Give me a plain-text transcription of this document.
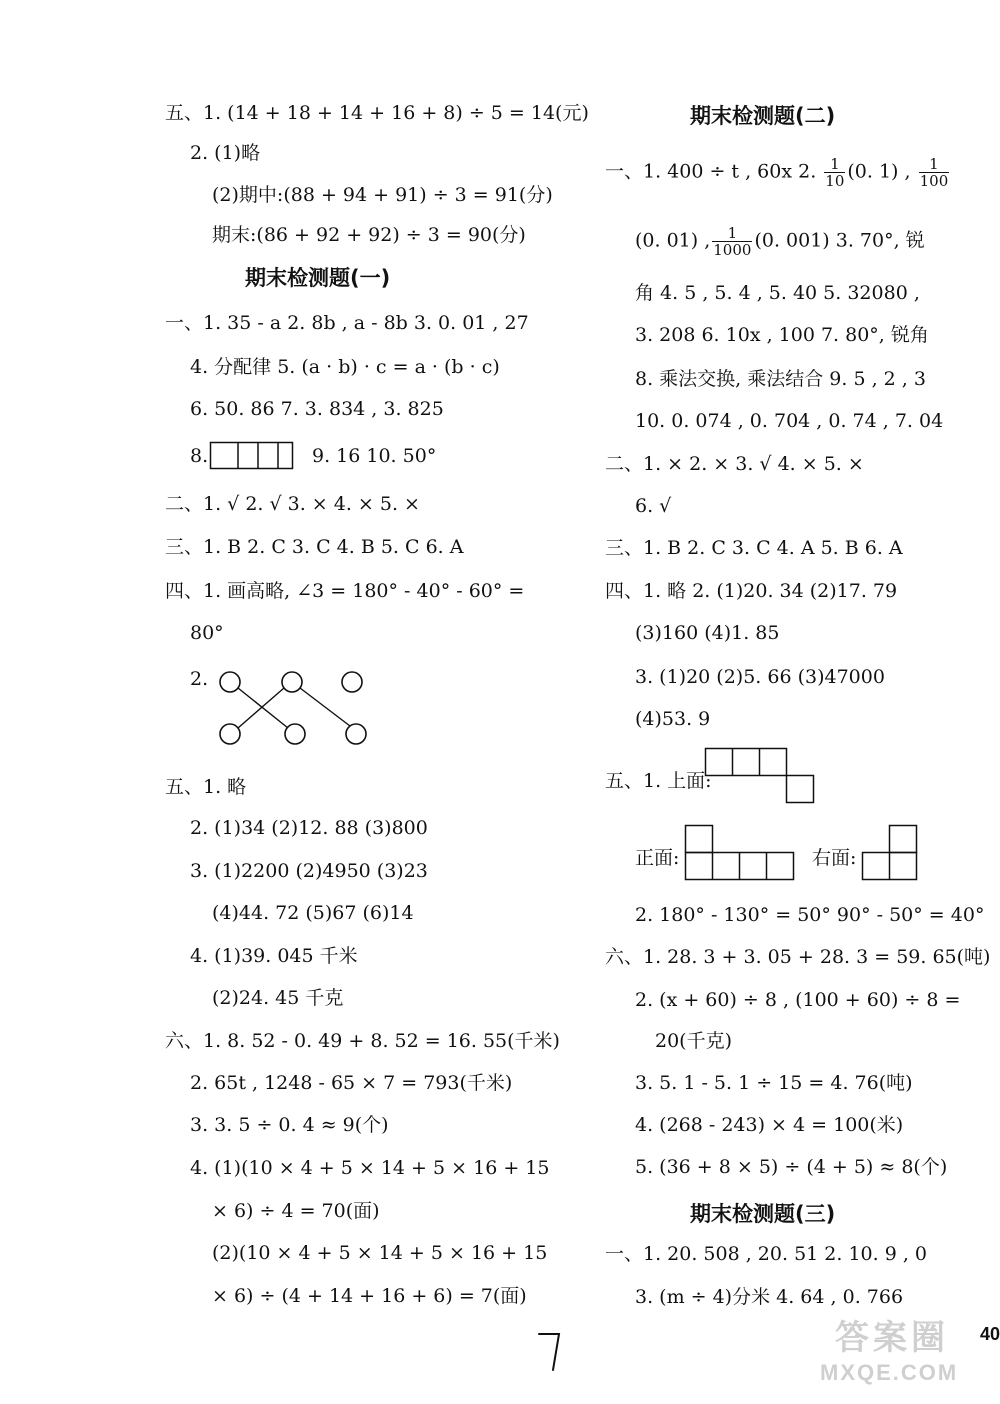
五、1. (14 + 18 + 14 + 16 + 8) ÷ 5 = 14(元)
2. (1)略
(2)期中:(88 + 94 + 91) ÷ 3 = 91(分)
期末:(86 + 92 + 92) ÷ 3 = 90(分)
期末检测题(一)
一、1. 35 - a 2. 8b , a - 8b 3. 0. 01 , 27
4. 分配律 5. (a · b) · c = a · (b · c)
6. 50. 86 7. 3. 834 , 3. 825
8.	9. 16 10. 50°
二、1. √ 2. √ 3. × 4. × 5. ×
三、1. B 2. C 3. C 4. B 5. C 6. A
四、1. 画高略, ∠3 = 180° - 40° - 60° =
80°
2.
五、1. 略
2. (1)34 (2)12. 88 (3)800
3. (1)2200 (2)4950 (3)23
(4)44. 72 (5)67 (6)14
4. (1)39. 045 千米
(2)24. 45 千克
六、1. 8. 52 - 0. 49 + 8. 52 = 16. 55(千米)
2. 65t , 1248 - 65 × 7 = 793(千米)
3. 3. 5 ÷ 0. 4 ≈ 9(个)
4. (1)(10 × 4 + 5 × 14 + 5 × 16 + 15
× 6) ÷ 4 = 70(面)
(2)(10 × 4 + 5 × 14 + 5 × 16 + 15
× 6) ÷ (4 + 14 + 16 + 6) = 7(面)
期末检测题(二)
一、1. 400 ÷ t , 60x 2. $\frac{1}{10} (0$. 1) , $\frac{1}{100}$
(0. 01) , $\frac{1}{1000} (0$. 001) 3. 70°, 锐
角 4. 5 , 5. 4 , 5. 40 5. 32080 ,
3. 208 6. 10x , 100 7. 80°, 锐角
8. 乘法交换, 乘法结合 9. 5 , 2 , 3
10. 0. 074 , 0. 704 , 0. 74 , 7. 04
二、1. × 2. × 3. √ 4. × 5. ×
6. √
三、1. B 2. C 3. C 4. A 5. B 6. A
四、1. 略 2. (1)20. 34 (2)17. 79
(3)160 (4)1. 85
3. (1)20 (2)5. 66 (3)47000
(4)53. 9
五、1. 上面:
正面:	右面:
2. 180° - 130° = 50° 90° - 50° = 40°
六、1. 28. 3 + 3. 05 + 28. 3 = 59. 65(吨)
2. (x + 60) ÷ 8 , (100 + 60) ÷ 8 =
20(千克)
3. 5. 1 - 5. 1 ÷ 15 = 4. 76(吨)
4. (268 - 243) × 4 = 100(米)
5. (36 + 8 × 5) ÷ (4 + 5) ≈ 8(个)
期末检测题(三)
一、1. 20. 508 , 20. 51 2. 10. 9 , 0
3. (m ÷ 4)分米 4. 64 , 0. 766
40
答案圈
MXQE.COM
